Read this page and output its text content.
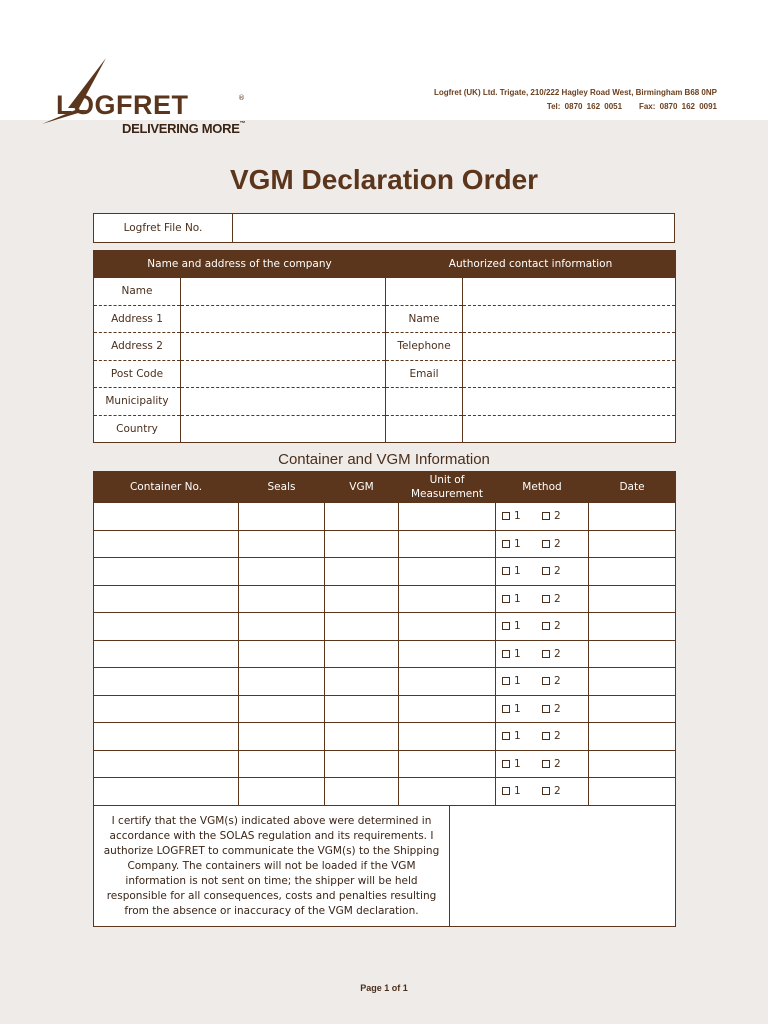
LOGFRET	®
DELIVERING MORE™
Logfret (UK) Ltd. Trigate, 210/222 Hagley Road West, Birmingham B68 0NP
Tel: 0870 162 0051    Fax: 0870 162 0091
VGM Declaration Order
Logfret File No.	
Name and address of the company		Authorized contact information	
Name			
Address 1		Name	
Address 2		Telephone	
Post Code		Email	
Municipality			
Country			
Container and VGM Information
Container No.	Seals	VGM	Unit of Measurement	Method	Date
				1 2	
				1 2	
				1 2	
				1 2	
				1 2	
				1 2	
				1 2	
				1 2	
				1 2	
				1 2	
				1 2	
I certify that the VGM(s) indicated above were determined in accordance with the SOLAS regulation and its requirements. I authorize LOGFRET to communicate the VGM(s) to the Shipping Company. The containers will not be loaded if the VGM information is not sent on time; the shipper will be held responsible for all consequences, costs and penalties resulting from the absence or inaccuracy of the VGM declaration.

Page 1 of 1
